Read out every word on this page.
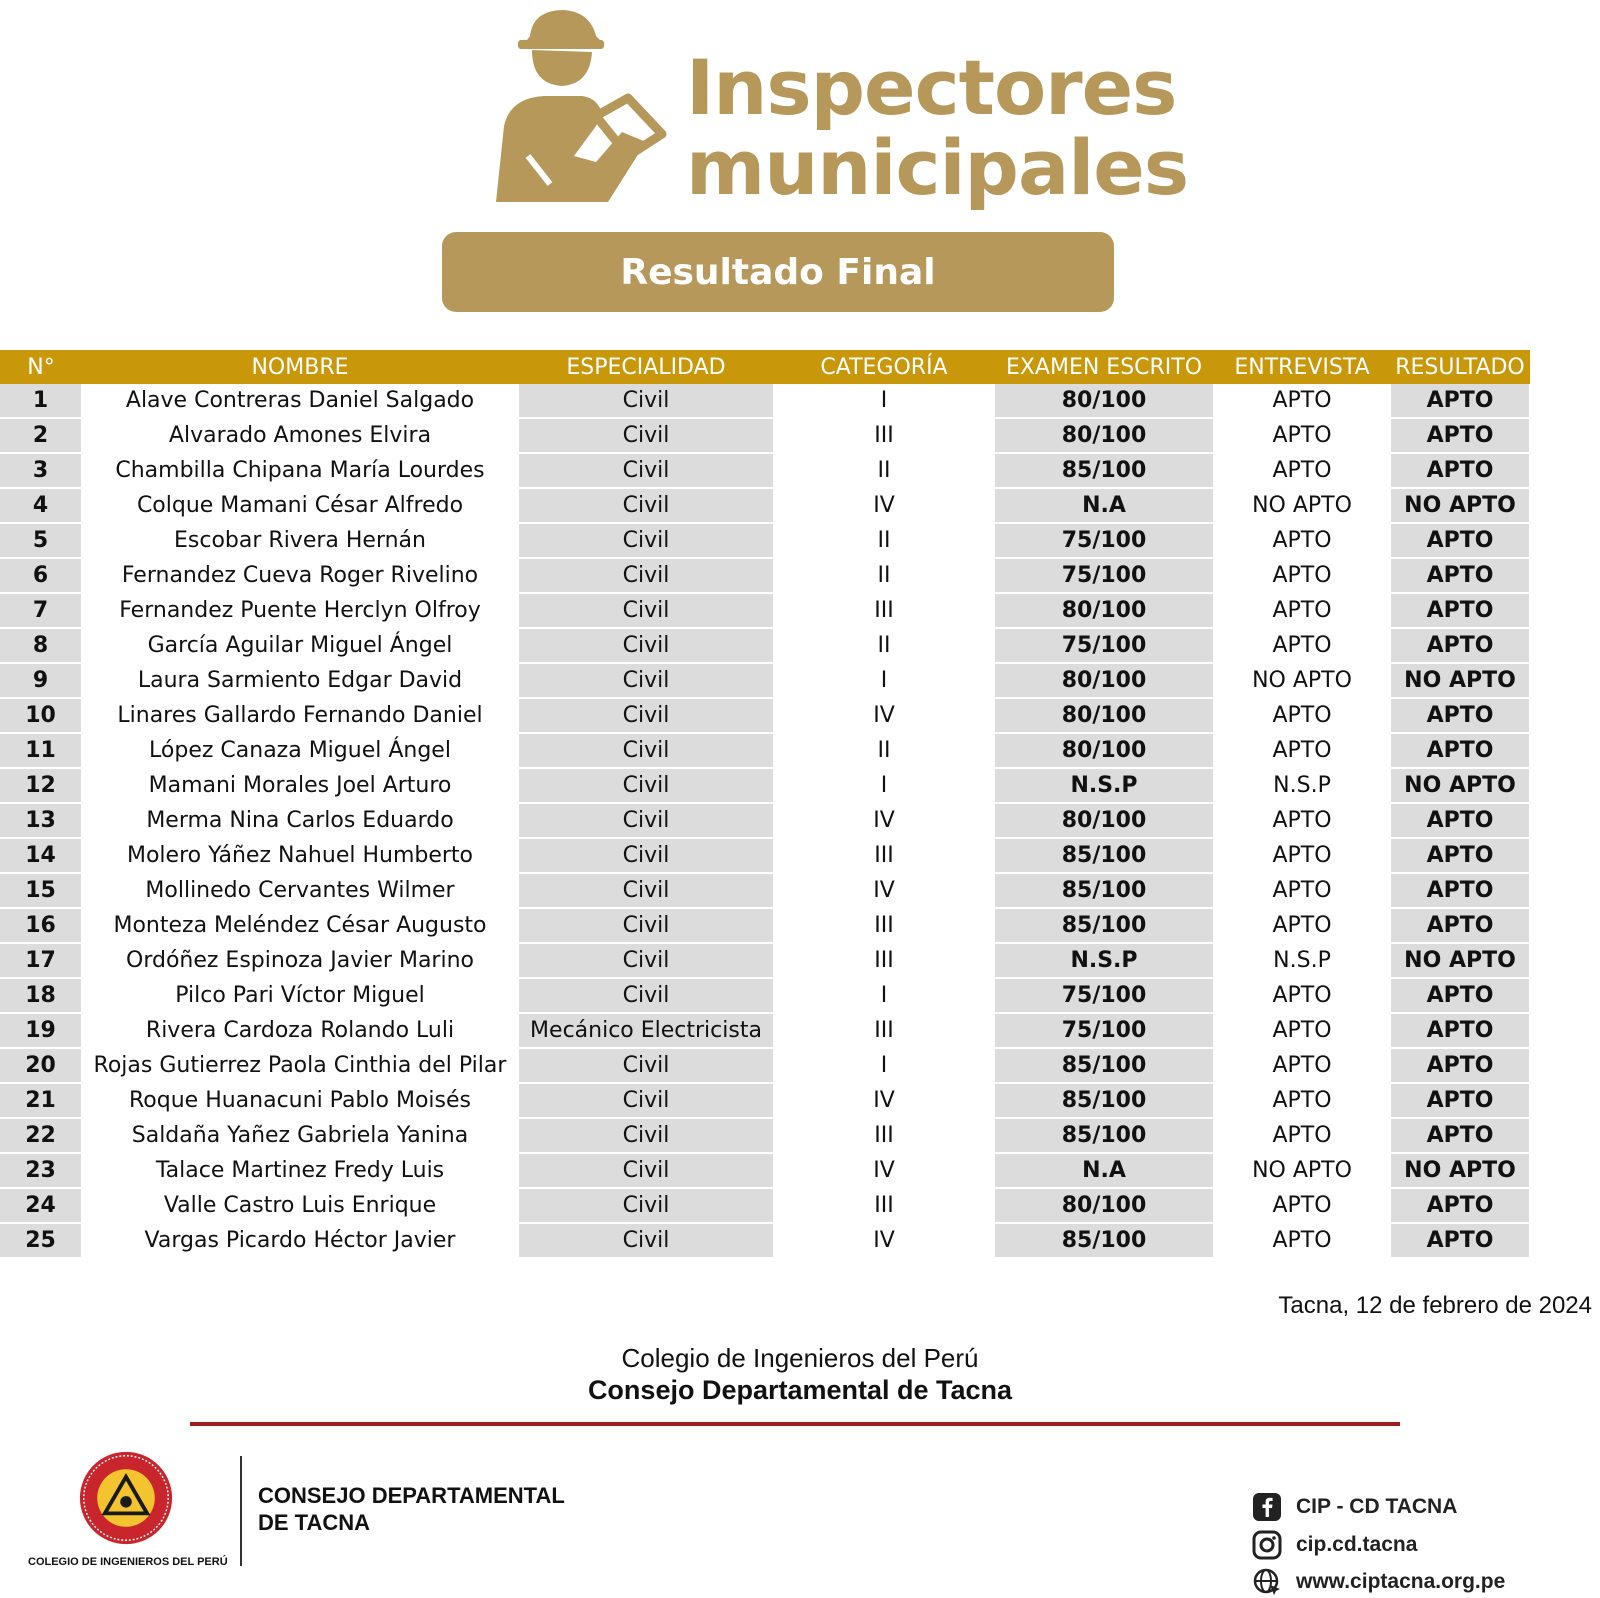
Inspectores
municipales
Resultado Final
N°	NOMBRE	ESPECIALIDAD	CATEGORÍA	EXAMEN ESCRITO	ENTREVISTA	RESULTADO
1	Alave Contreras Daniel Salgado	Civil	I	80/100	APTO	APTO
2	Alvarado Amones Elvira	Civil	III	80/100	APTO	APTO
3	Chambilla Chipana María Lourdes	Civil	II	85/100	APTO	APTO
4	Colque Mamani César Alfredo	Civil	IV	N.A	NO APTO	NO APTO
5	Escobar Rivera Hernán	Civil	II	75/100	APTO	APTO
6	Fernandez Cueva Roger Rivelino	Civil	II	75/100	APTO	APTO
7	Fernandez Puente Herclyn Olfroy	Civil	III	80/100	APTO	APTO
8	García Aguilar Miguel Ángel	Civil	II	75/100	APTO	APTO
9	Laura Sarmiento Edgar David	Civil	I	80/100	NO APTO	NO APTO
10	Linares Gallardo Fernando Daniel	Civil	IV	80/100	APTO	APTO
11	López Canaza Miguel Ángel	Civil	II	80/100	APTO	APTO
12	Mamani Morales Joel Arturo	Civil	I	N.S.P	N.S.P	NO APTO
13	Merma Nina Carlos Eduardo	Civil	IV	80/100	APTO	APTO
14	Molero Yáñez Nahuel Humberto	Civil	III	85/100	APTO	APTO
15	Mollinedo Cervantes Wilmer	Civil	IV	85/100	APTO	APTO
16	Monteza Meléndez César Augusto	Civil	III	85/100	APTO	APTO
17	Ordóñez Espinoza Javier Marino	Civil	III	N.S.P	N.S.P	NO APTO
18	Pilco Pari Víctor Miguel	Civil	I	75/100	APTO	APTO
19	Rivera Cardoza Rolando Luli	Mecánico Electricista	III	75/100	APTO	APTO
20	Rojas Gutierrez Paola Cinthia del Pilar	Civil	I	85/100	APTO	APTO
21	Roque Huanacuni Pablo Moisés	Civil	IV	85/100	APTO	APTO
22	Saldaña Yañez Gabriela Yanina	Civil	III	85/100	APTO	APTO
23	Talace Martinez Fredy Luis	Civil	IV	N.A	NO APTO	NO APTO
24	Valle Castro Luis Enrique	Civil	III	80/100	APTO	APTO
25	Vargas Picardo Héctor Javier	Civil	IV	85/100	APTO	APTO
Tacna, 12 de febrero de 2024
Colegio de Ingenieros del Perú
Consejo Departamental de Tacna
COLEGIO DE INGENIEROS DEL PERÚ
CONSEJO DEPARTAMENTAL
DE TACNA
CIP - CD TACNA
cip.cd.tacna
www.ciptacna.org.pe
